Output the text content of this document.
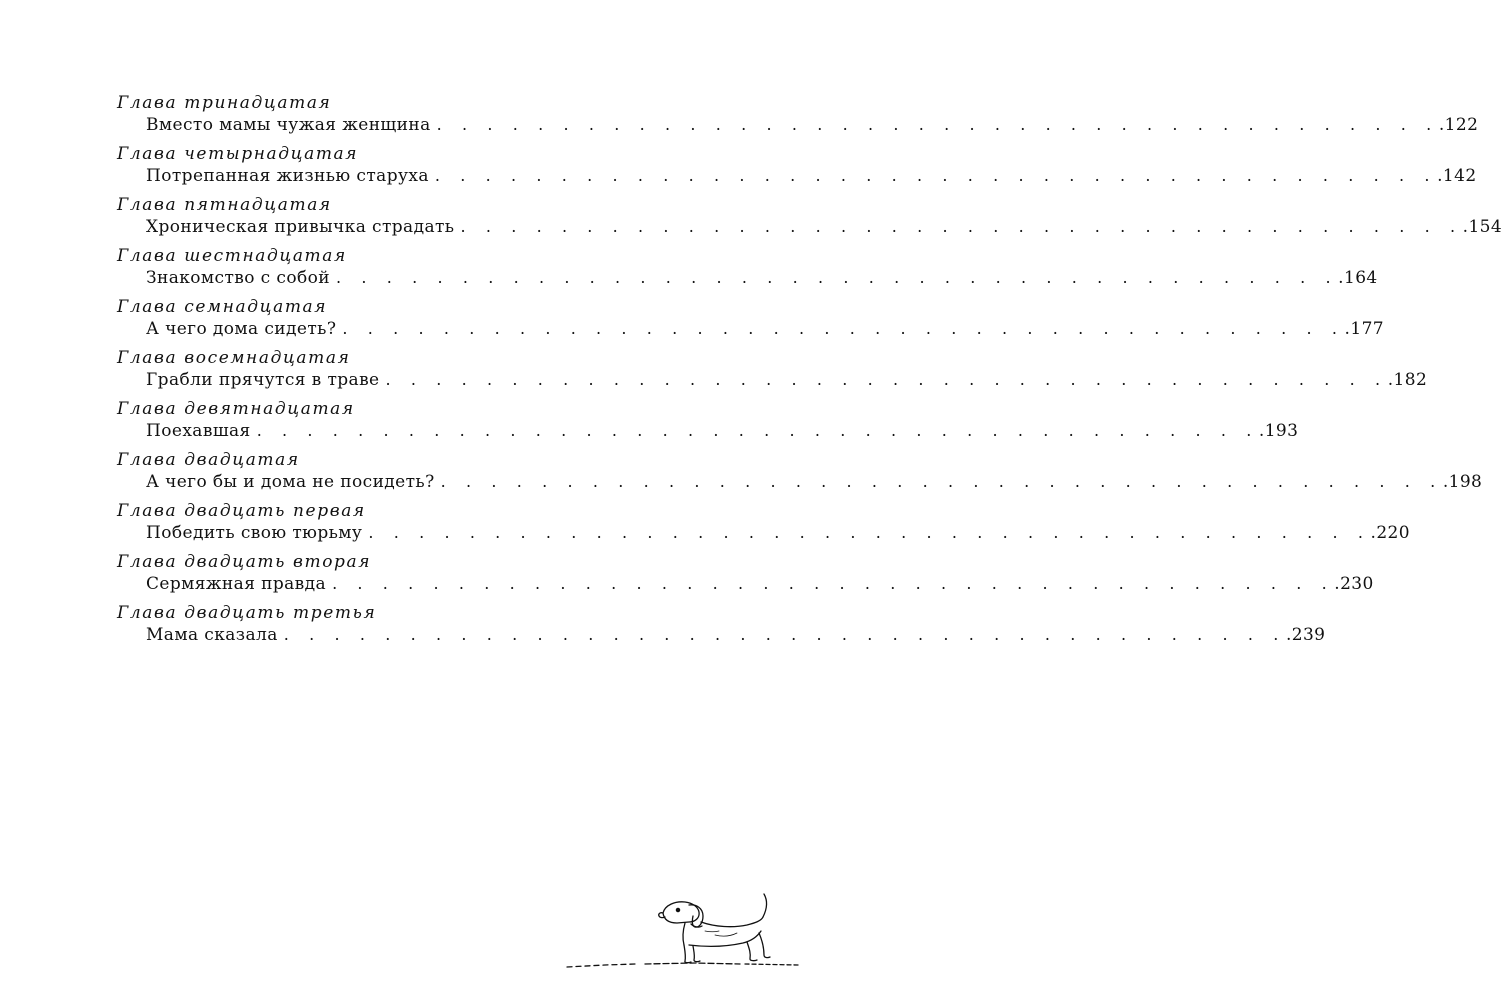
Глава тринадцатая
Вместо мамы чужая женщина . . . . . . . . . . . . . . . . . . . . . . . . . . . . . . . . . . . . . . . . .122
Глава четырнадцатая
Потрепанная жизнью старуха . . . . . . . . . . . . . . . . . . . . . . . . . . . . . . . . . . . . . . . . .142
Глава пятнадцатая
Хроническая привычка страдать . . . . . . . . . . . . . . . . . . . . . . . . . . . . . . . . . . . . . . . . .154
Глава шестнадцатая
Знакомство с собой . . . . . . . . . . . . . . . . . . . . . . . . . . . . . . . . . . . . . . . . .164
Глава семнадцатая
А чего дома сидеть? . . . . . . . . . . . . . . . . . . . . . . . . . . . . . . . . . . . . . . . . .177
Глава восемнадцатая
Грабли прячутся в траве . . . . . . . . . . . . . . . . . . . . . . . . . . . . . . . . . . . . . . . . .182
Глава девятнадцатая
Поехавшая . . . . . . . . . . . . . . . . . . . . . . . . . . . . . . . . . . . . . . . . .193
Глава двадцатая
А чего бы и дома не посидеть? . . . . . . . . . . . . . . . . . . . . . . . . . . . . . . . . . . . . . . . . .198
Глава двадцать первая
Победить свою тюрьму . . . . . . . . . . . . . . . . . . . . . . . . . . . . . . . . . . . . . . . . .220
Глава двадцать вторая
Сермяжная правда . . . . . . . . . . . . . . . . . . . . . . . . . . . . . . . . . . . . . . . . .230
Глава двадцать третья
Мама сказала . . . . . . . . . . . . . . . . . . . . . . . . . . . . . . . . . . . . . . . . .239
